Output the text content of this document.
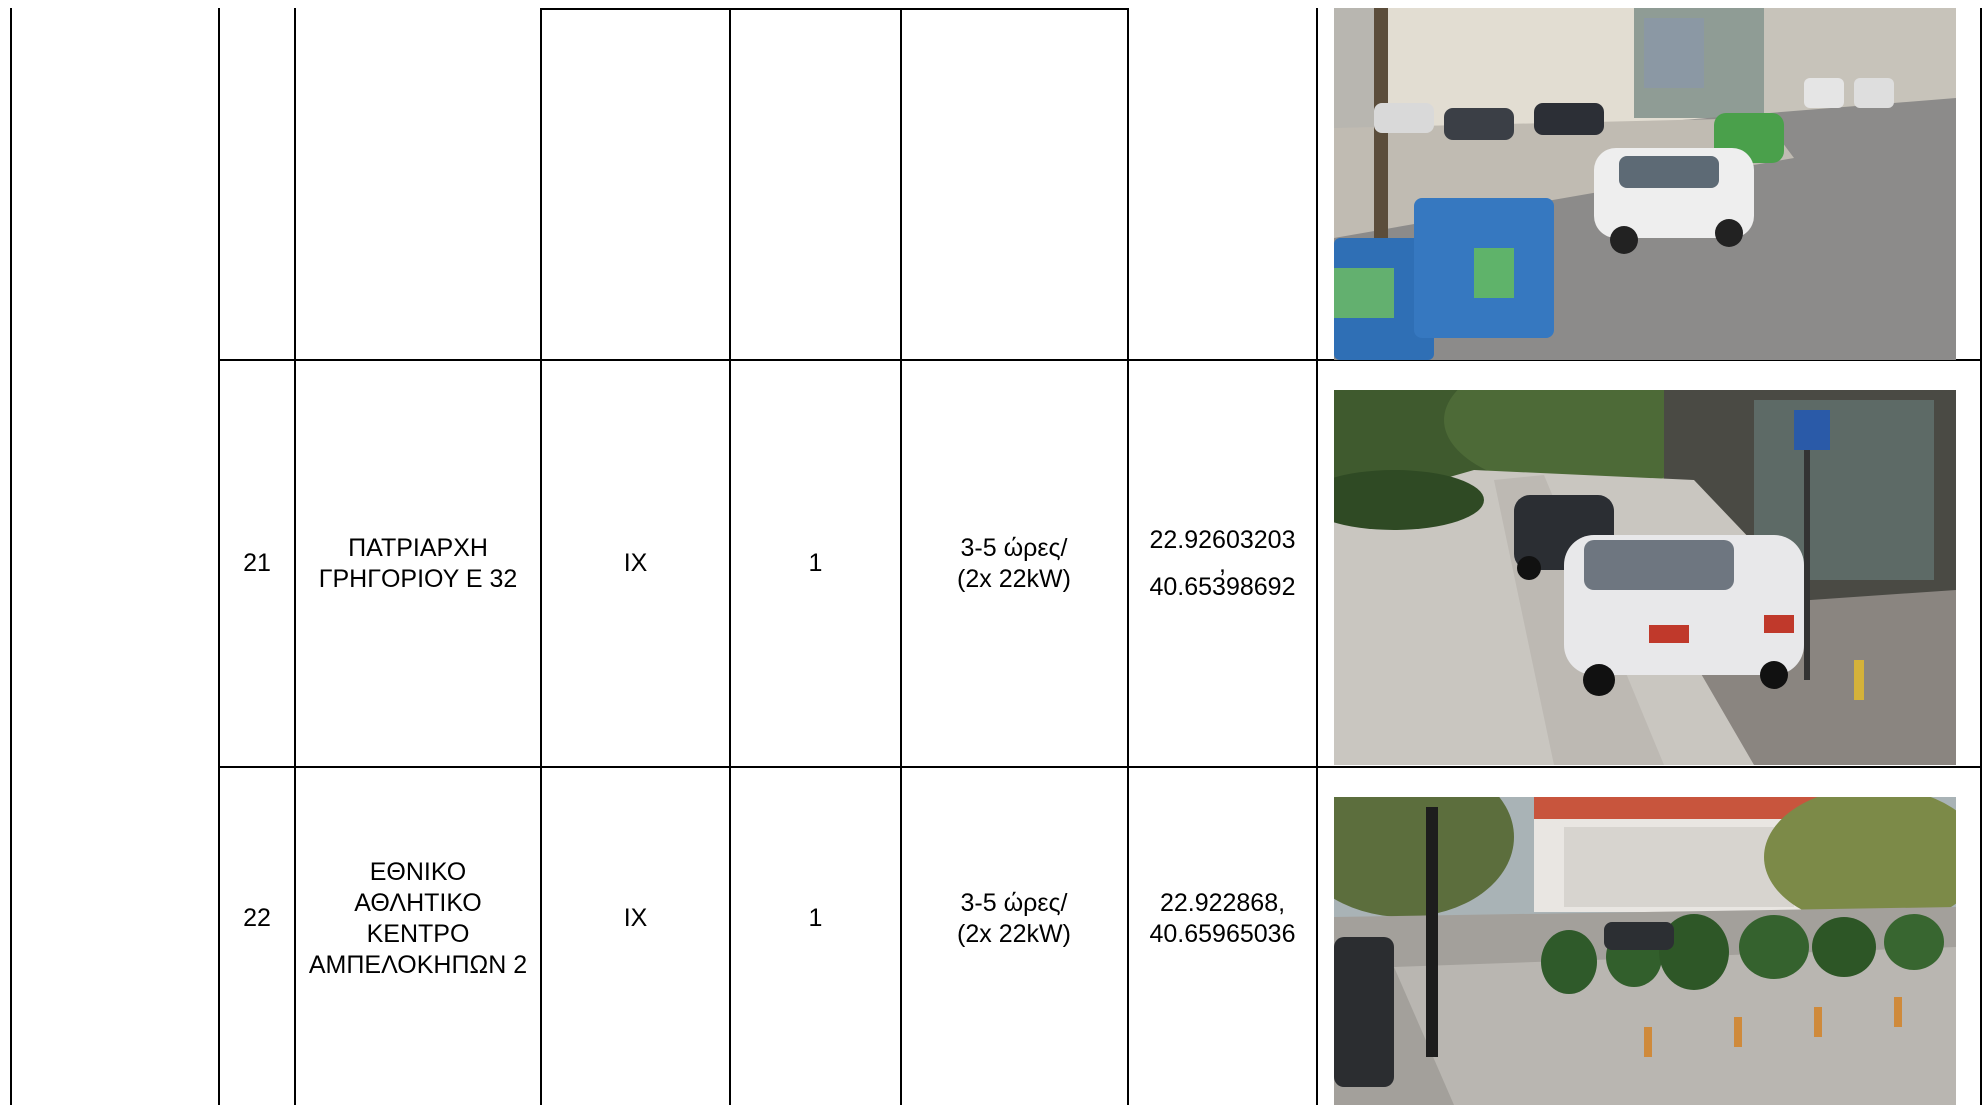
21
ΠΑΤΡΙΑΡΧΗ ΓΡΗΓΟΡΙΟΥ Ε 32
IX	1
3-5 ώρες/ (2x 22kW)
22.92603203
,
40.65398692
22
ΕΘΝΙΚΟ ΑΘΛΗΤΙΚΟ ΚΕΝΤΡΟ ΑΜΠΕΛΟΚΗΠΩΝ 2
IX	1
3-5 ώρες/ (2x 22kW)
22.922868, 40.65965036
